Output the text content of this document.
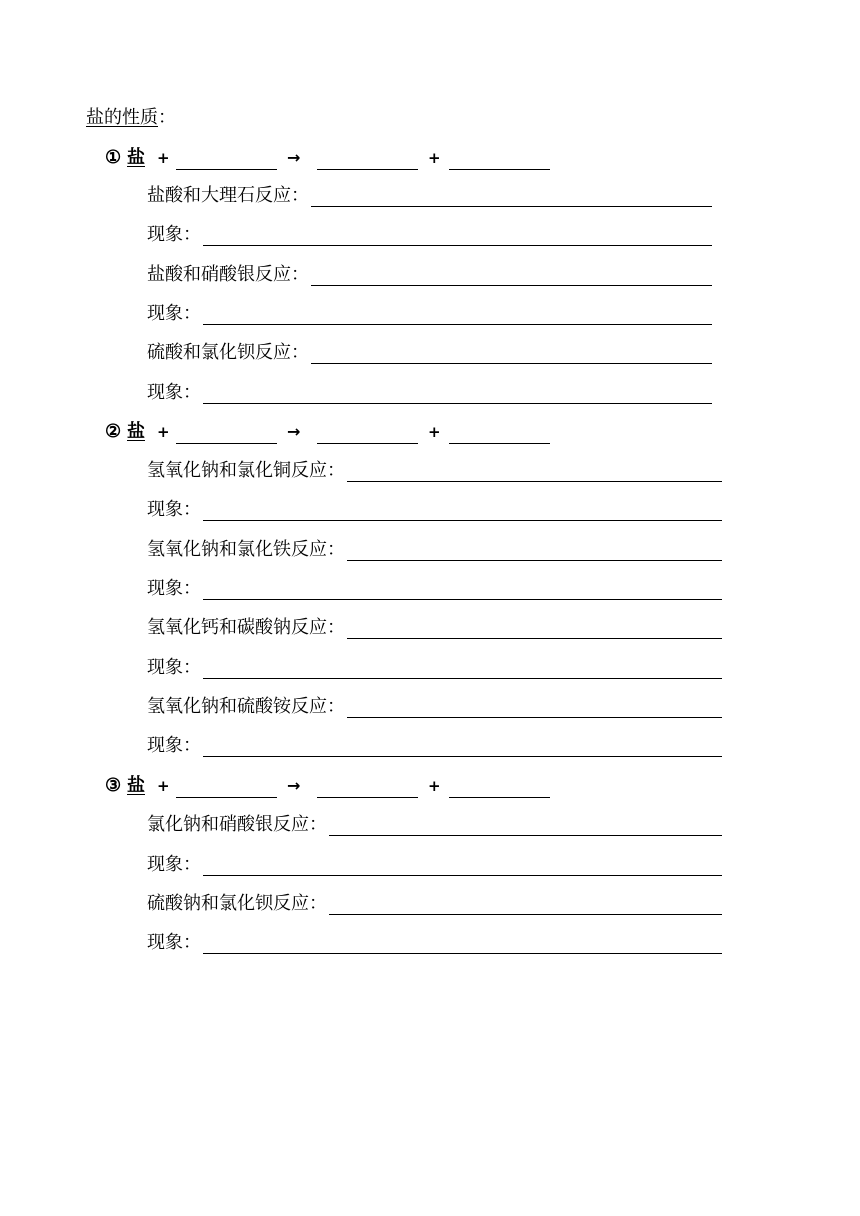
盐的性质：
① 盐 +	→	+
盐酸和大理石反应：
现象：
盐酸和硝酸银反应：
现象：
硫酸和氯化钡反应：
现象：
② 盐 +	→	+
氢氧化钠和氯化铜反应：
现象：
氢氧化钠和氯化铁反应：
现象：
氢氧化钙和碳酸钠反应：
现象：
氢氧化钠和硫酸铵反应：
现象：
③ 盐 +	→	+
氯化钠和硝酸银反应：
现象：
硫酸钠和氯化钡反应：
现象：
